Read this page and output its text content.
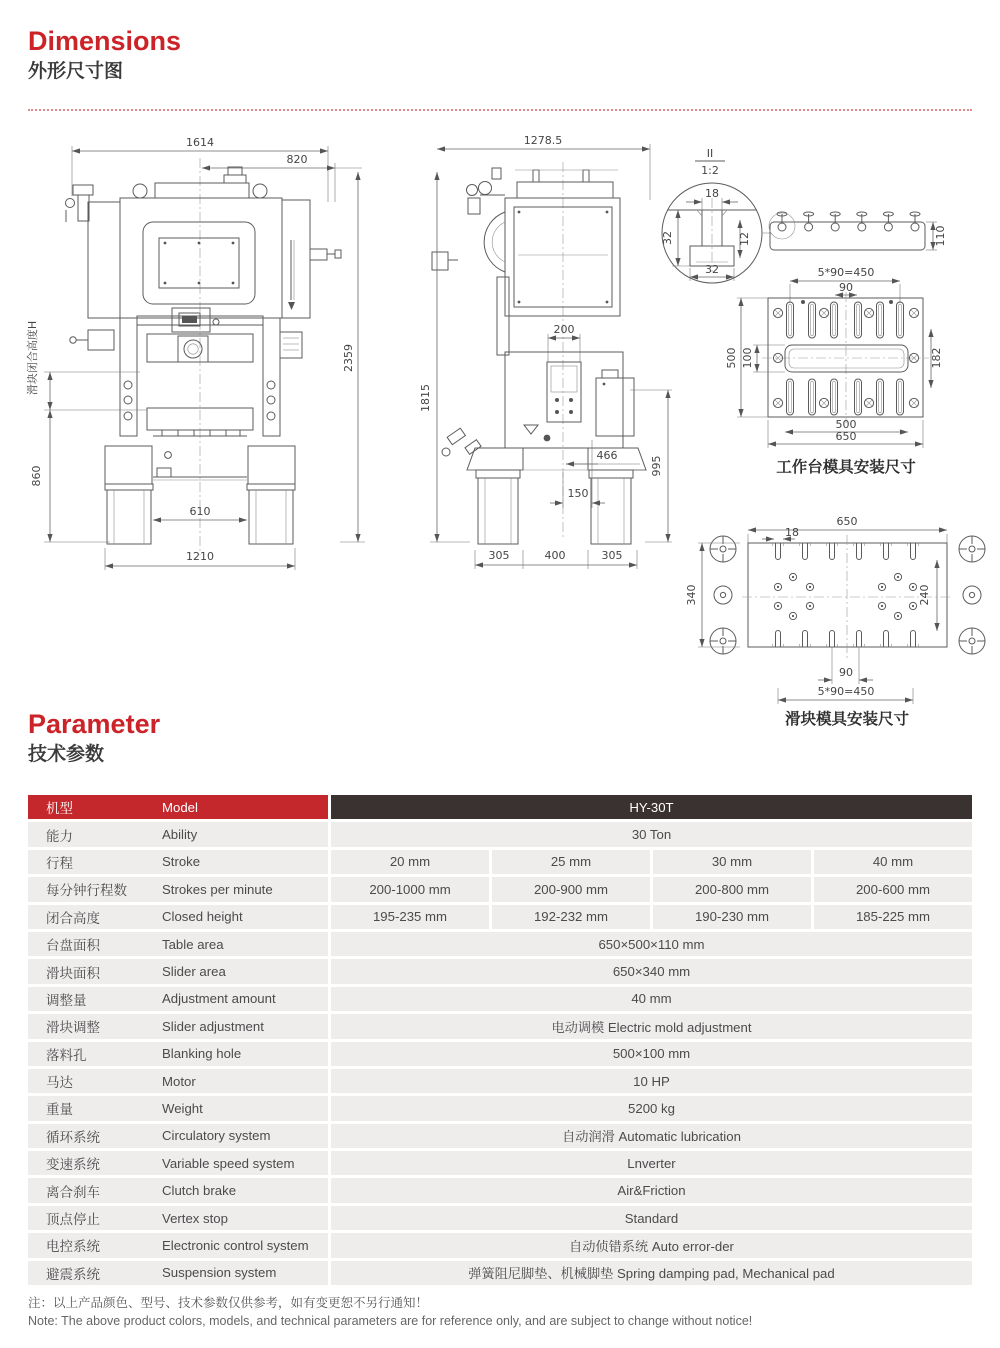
Dimensions
外形尺寸图
1614
820
2359
滑块闭合高度H
860
610
1210
1278.5
200
1815
466	995
150
305	400	305
II
1:2
18
32	12
32
110
5*90=450
90
500 100	182
500
650
工作台模具安装尺寸
650
18
340	240
90
5*90=450
滑块模具安装尺寸
Parameter
技术参数
机型	Model	HY-30T
能力	Ability	30 Ton
行程	Stroke	20 mm	25 mm	30 mm	40 mm
每分钟行程数	Strokes per minute	200-1000 mm	200-900 mm	200-800 mm	200-600 mm
闭合高度	Closed height	195-235 mm	192-232 mm	190-230 mm	185-225 mm
台盘面积	Table area	650×500×110 mm
滑块面积	Slider area	650×340 mm
调整量	Adjustment amount	40 mm
滑块调整	Slider adjustment	电动调模 Electric mold adjustment
落料孔	Blanking hole	500×100 mm
马达	Motor	10 HP
重量	Weight	5200 kg
循环系统	Circulatory system	自动润滑 Automatic lubrication
变速系统	Variable speed system	Lnverter
离合刹车	Clutch brake	Air&Friction
顶点停止	Vertex stop	Standard
电控系统	Electronic control system	自动侦错系统 Auto error-der
避震系统	Suspension system	弹簧阻尼脚垫、机械脚垫 Spring damping pad, Mechanical pad
注：以上产品颜色、型号、技术参数仅供参考，如有变更恕不另行通知！
Note: The above product colors, models, and technical parameters are for reference only, and are subject to change without notice!
